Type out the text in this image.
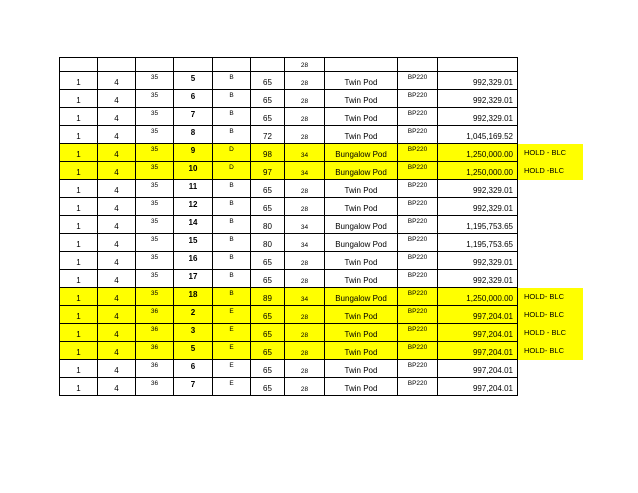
						28				

1	4	35	5	B	65	28	Twin Pod	BP220	992,329.01	

1	4	35	6	B	65	28	Twin Pod	BP220	992,329.01	

1	4	35	7	B	65	28	Twin Pod	BP220	992,329.01	

1	4	35	8	B	72	28	Twin Pod	BP220	1,045,169.52	

1	4	35	9	D	98	34	Bungalow Pod	BP220	1,250,000.00	HOLD - BLC

1	4	35	10	D	97	34	Bungalow Pod	BP220	1,250,000.00	HOLD -BLC

1	4	35	11	B	65	28	Twin Pod	BP220	992,329.01	

1	4	35	12	B	65	28	Twin Pod	BP220	992,329.01	

1	4	35	14	B	80	34	Bungalow Pod	BP220	1,195,753.65	

1	4	35	15	B	80	34	Bungalow Pod	BP220	1,195,753.65	

1	4	35	16	B	65	28	Twin Pod	BP220	992,329.01	

1	4	35	17	B	65	28	Twin Pod	BP220	992,329.01	

1	4	35	18	B	89	34	Bungalow Pod	BP220	1,250,000.00	HOLD- BLC

1	4	36	2	E	65	28	Twin Pod	BP220	997,204.01	HOLD- BLC

1	4	36	3	E	65	28	Twin Pod	BP220	997,204.01	HOLD - BLC

1	4	36	5	E	65	28	Twin Pod	BP220	997,204.01	HOLD- BLC

1	4	36	6	E	65	28	Twin Pod	BP220	997,204.01	

1	4	36	7	E	65	28	Twin Pod	BP220	997,204.01	
